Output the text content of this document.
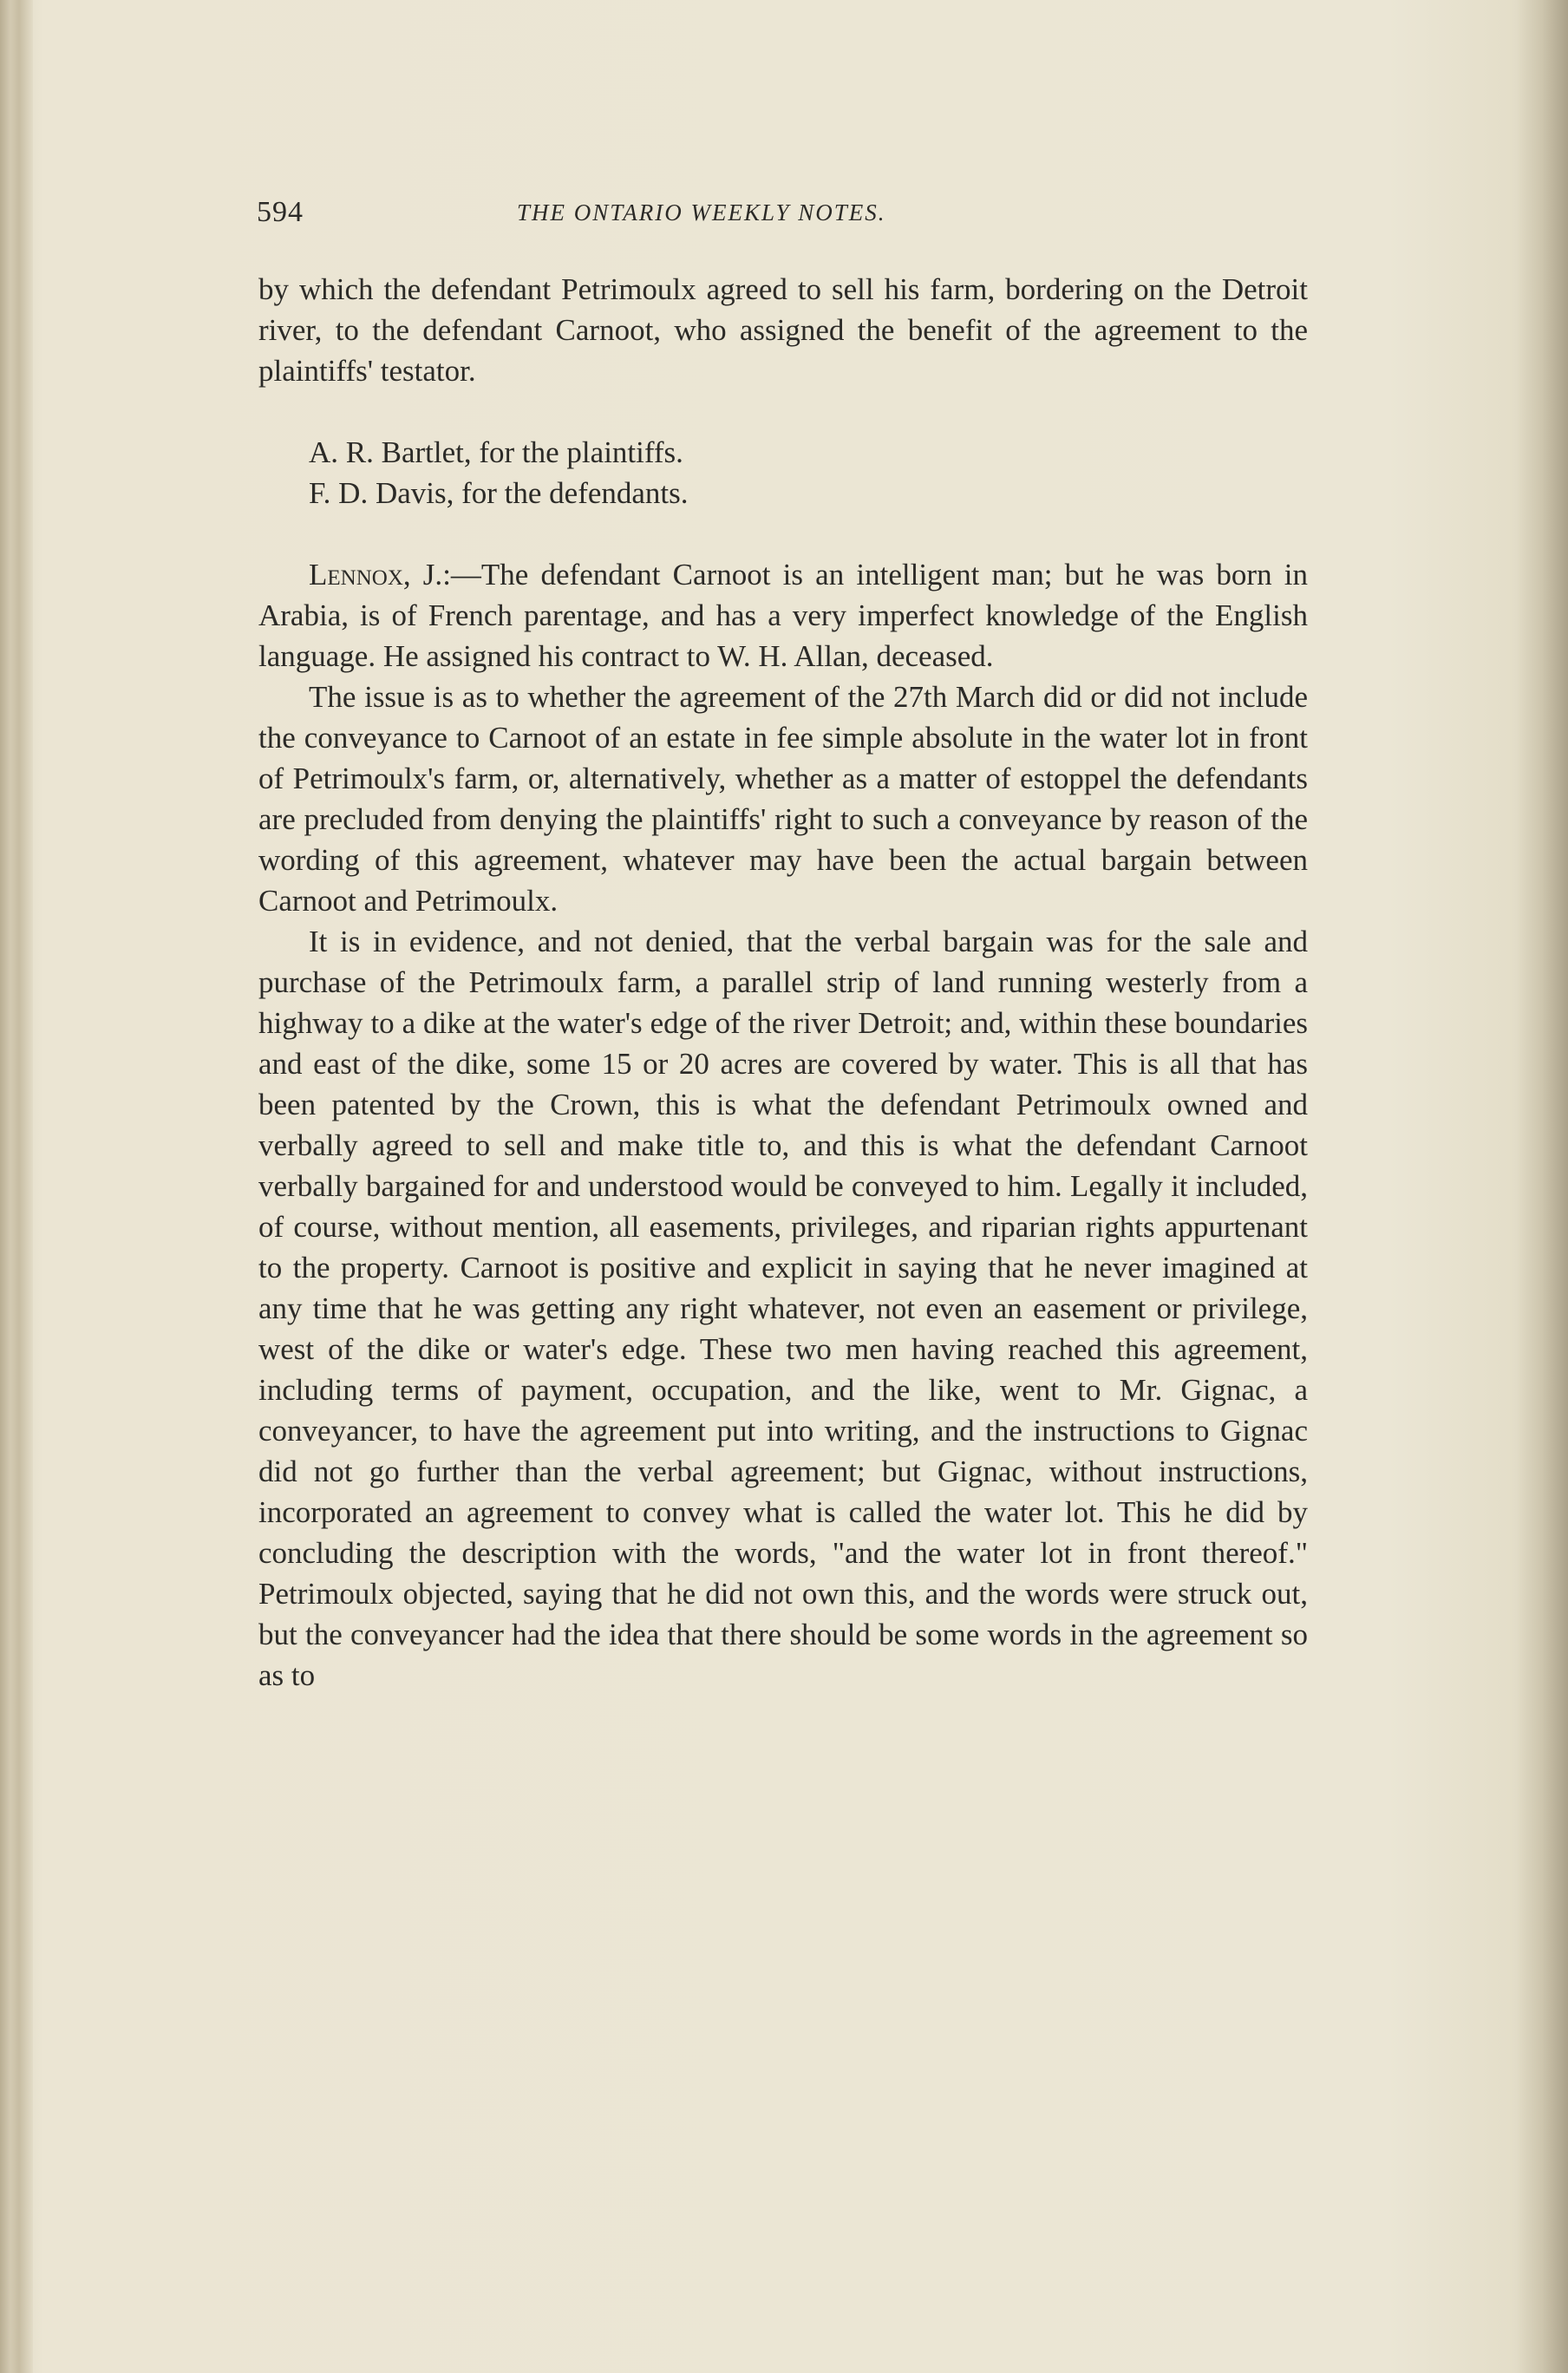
594	THE ONTARIO WEEKLY NOTES.

by which the defendant Petrimoulx agreed to sell his farm, bordering on the Detroit river, to the defendant Carnoot, who assigned the benefit of the agreement to the plaintiffs' testator.

A. R. Bartlet, for the plaintiffs.

F. D. Davis, for the defendants.

Lennox, J.:—The defendant Carnoot is an intelligent man; but he was born in Arabia, is of French parentage, and has a very imperfect knowledge of the English language. He assigned his contract to W. H. Allan, deceased.

The issue is as to whether the agreement of the 27th March did or did not include the conveyance to Carnoot of an estate in fee simple absolute in the water lot in front of Petrimoulx's farm, or, alternatively, whether as a matter of estoppel the defendants are precluded from denying the plaintiffs' right to such a conveyance by reason of the wording of this agreement, whatever may have been the actual bargain between Carnoot and Petrimoulx.

It is in evidence, and not denied, that the verbal bargain was for the sale and purchase of the Petrimoulx farm, a parallel strip of land running westerly from a highway to a dike at the water's edge of the river Detroit; and, within these boundaries and east of the dike, some 15 or 20 acres are covered by water. This is all that has been patented by the Crown, this is what the defendant Petrimoulx owned and verbally agreed to sell and make title to, and this is what the defendant Carnoot verbally bargained for and understood would be conveyed to him. Legally it included, of course, without mention, all easements, privileges, and riparian rights appurtenant to the property. Carnoot is positive and explicit in saying that he never imagined at any time that he was getting any right whatever, not even an easement or privilege, west of the dike or water's edge. These two men having reached this agreement, including terms of payment, occupation, and the like, went to Mr. Gignac, a conveyancer, to have the agreement put into writing, and the instructions to Gignac did not go further than the verbal agreement; but Gignac, without instructions, incorporated an agreement to convey what is called the water lot. This he did by concluding the description with the words, "and the water lot in front thereof." Petrimoulx objected, saying that he did not own this, and the words were struck out, but the conveyancer had the idea that there should be some words in the agreement so as to
